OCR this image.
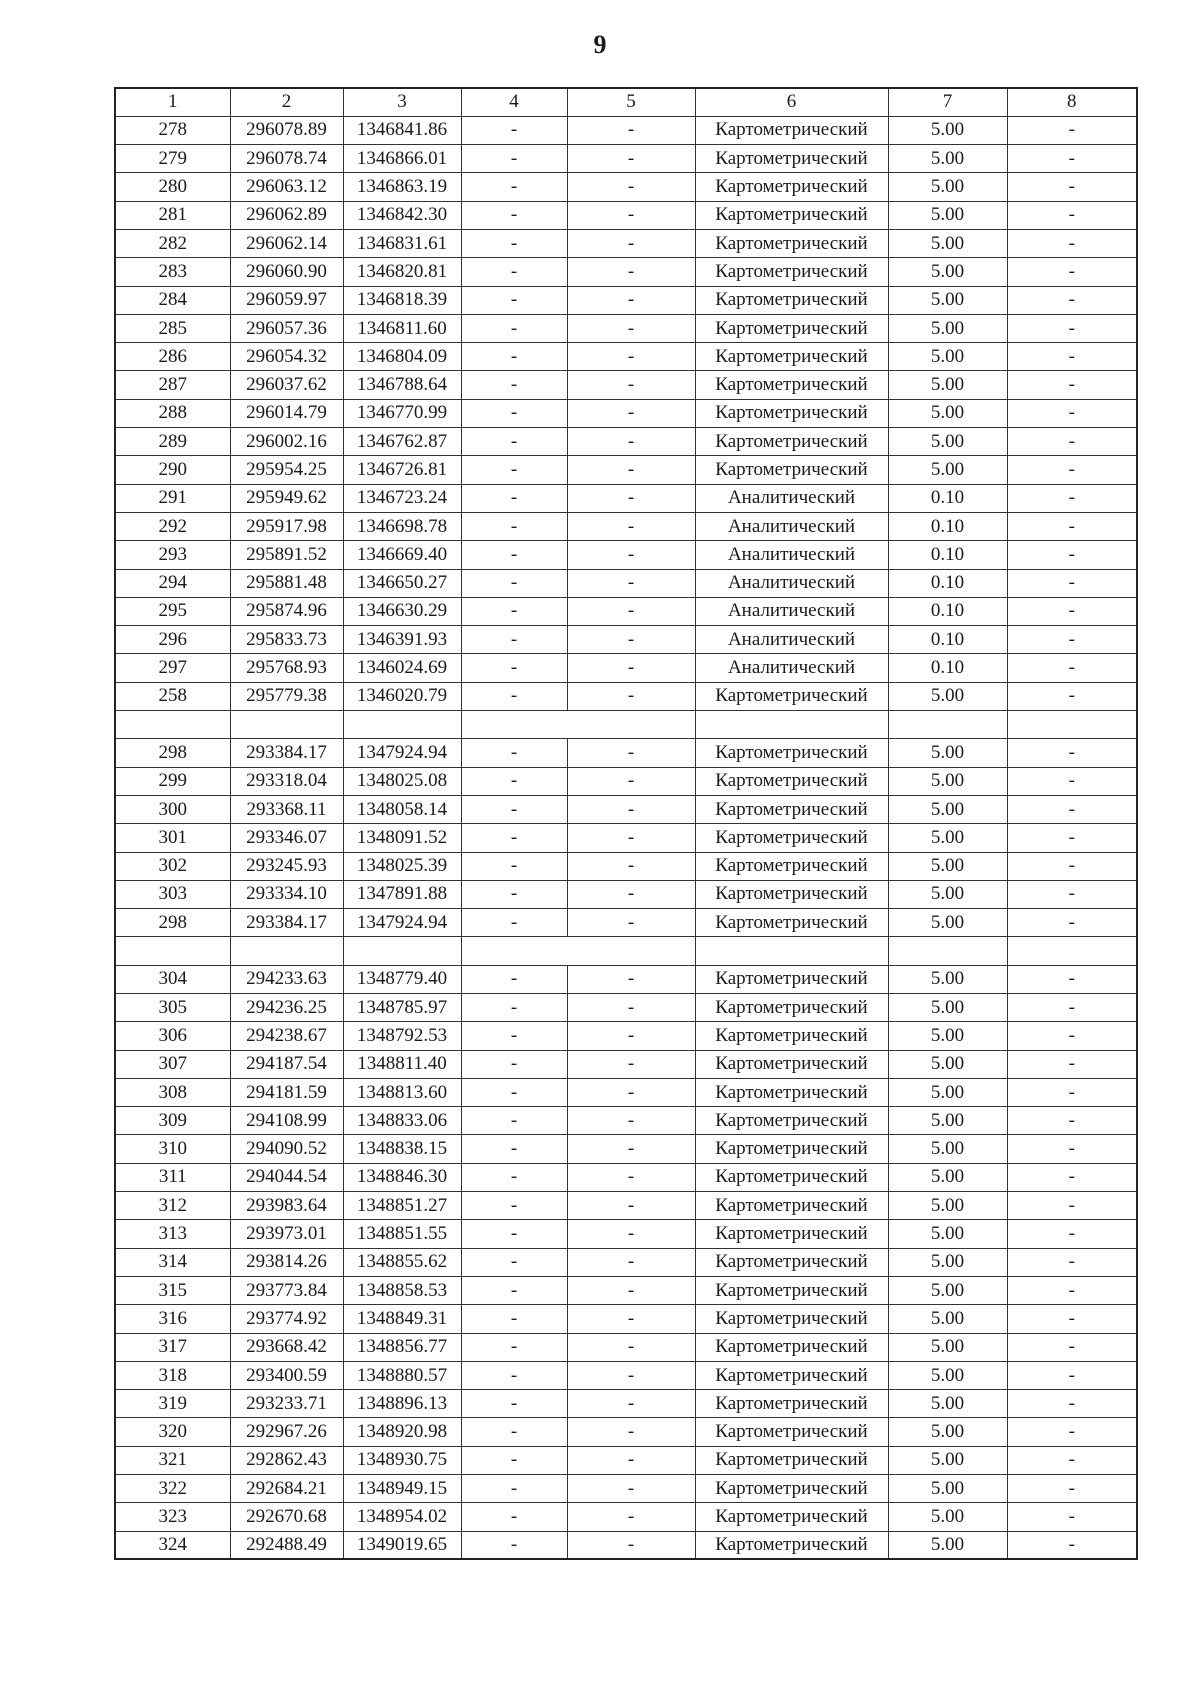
9
1	2	3	4	5	6	7	8
278	296078.89	1346841.86	-	-	Картометрический	5.00	-
279	296078.74	1346866.01	-	-	Картометрический	5.00	-
280	296063.12	1346863.19	-	-	Картометрический	5.00	-
281	296062.89	1346842.30	-	-	Картометрический	5.00	-
282	296062.14	1346831.61	-	-	Картометрический	5.00	-
283	296060.90	1346820.81	-	-	Картометрический	5.00	-
284	296059.97	1346818.39	-	-	Картометрический	5.00	-
285	296057.36	1346811.60	-	-	Картометрический	5.00	-
286	296054.32	1346804.09	-	-	Картометрический	5.00	-
287	296037.62	1346788.64	-	-	Картометрический	5.00	-
288	296014.79	1346770.99	-	-	Картометрический	5.00	-
289	296002.16	1346762.87	-	-	Картометрический	5.00	-
290	295954.25	1346726.81	-	-	Картометрический	5.00	-
291	295949.62	1346723.24	-	-	Аналитический	0.10	-
292	295917.98	1346698.78	-	-	Аналитический	0.10	-
293	295891.52	1346669.40	-	-	Аналитический	0.10	-
294	295881.48	1346650.27	-	-	Аналитический	0.10	-
295	295874.96	1346630.29	-	-	Аналитический	0.10	-
296	295833.73	1346391.93	-	-	Аналитический	0.10	-
297	295768.93	1346024.69	-	-	Аналитический	0.10	-
258	295779.38	1346020.79	-	-	Картометрический	5.00	-

298	293384.17	1347924.94	-	-	Картометрический	5.00	-
299	293318.04	1348025.08	-	-	Картометрический	5.00	-
300	293368.11	1348058.14	-	-	Картометрический	5.00	-
301	293346.07	1348091.52	-	-	Картометрический	5.00	-
302	293245.93	1348025.39	-	-	Картометрический	5.00	-
303	293334.10	1347891.88	-	-	Картометрический	5.00	-
298	293384.17	1347924.94	-	-	Картометрический	5.00	-

304	294233.63	1348779.40	-	-	Картометрический	5.00	-
305	294236.25	1348785.97	-	-	Картометрический	5.00	-
306	294238.67	1348792.53	-	-	Картометрический	5.00	-
307	294187.54	1348811.40	-	-	Картометрический	5.00	-
308	294181.59	1348813.60	-	-	Картометрический	5.00	-
309	294108.99	1348833.06	-	-	Картометрический	5.00	-
310	294090.52	1348838.15	-	-	Картометрический	5.00	-
311	294044.54	1348846.30	-	-	Картометрический	5.00	-
312	293983.64	1348851.27	-	-	Картометрический	5.00	-
313	293973.01	1348851.55	-	-	Картометрический	5.00	-
314	293814.26	1348855.62	-	-	Картометрический	5.00	-
315	293773.84	1348858.53	-	-	Картометрический	5.00	-
316	293774.92	1348849.31	-	-	Картометрический	5.00	-
317	293668.42	1348856.77	-	-	Картометрический	5.00	-
318	293400.59	1348880.57	-	-	Картометрический	5.00	-
319	293233.71	1348896.13	-	-	Картометрический	5.00	-
320	292967.26	1348920.98	-	-	Картометрический	5.00	-
321	292862.43	1348930.75	-	-	Картометрический	5.00	-
322	292684.21	1348949.15	-	-	Картометрический	5.00	-
323	292670.68	1348954.02	-	-	Картометрический	5.00	-
324	292488.49	1349019.65	-	-	Картометрический	5.00	-
